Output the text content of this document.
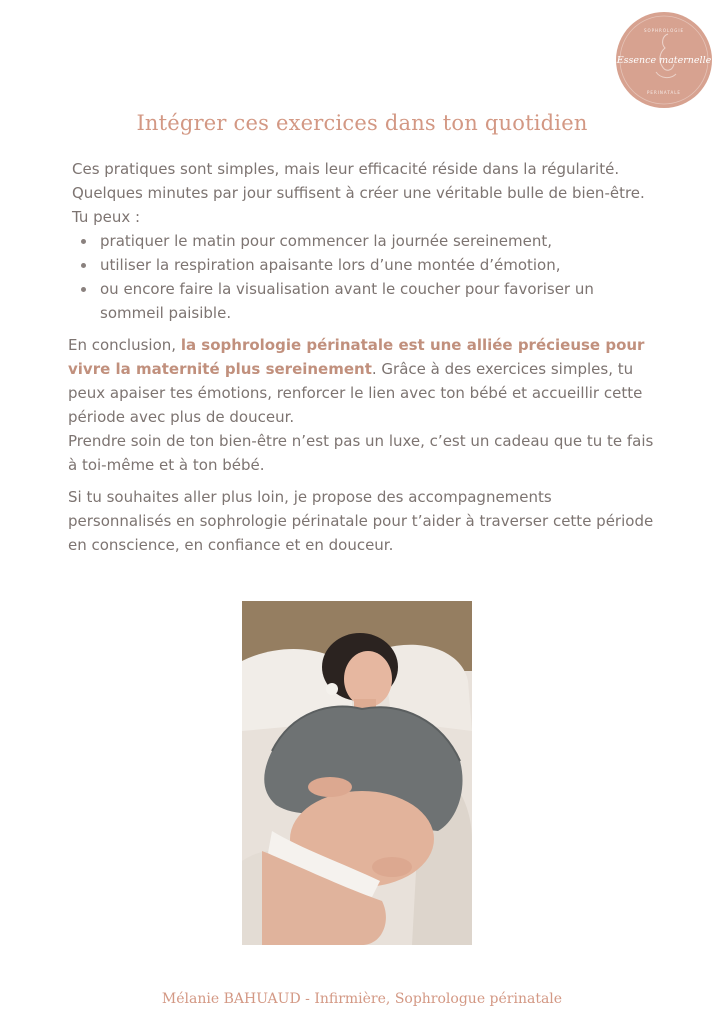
Essence maternelle
SOPHROLOGIE
PERINATALE
Intégrer ces exercices dans ton quotidien

Ces pratiques sont simples, mais leur efficacité réside dans la régularité. Quelques minutes par jour suffisent à créer une véritable bulle de bien-être. Tu peux :

pratiquer le matin pour commencer la journée sereinement,
utiliser la respiration apaisante lors d’une montée d’émotion,
ou encore faire la visualisation avant le coucher pour favoriser un sommeil paisible.

En conclusion, la sophrologie périnatale est une alliée précieuse pour vivre la maternité plus sereinement. Grâce à des exercices simples, tu peux apaiser tes émotions, renforcer le lien avec ton bébé et accueillir cette période avec plus de douceur.

Prendre soin de ton bien-être n’est pas un luxe, c’est un cadeau que tu te fais à toi-même et à ton bébé.

Si tu souhaites aller plus loin, je propose des accompagnements personnalisés en sophrologie périnatale pour t’aider à traverser cette période en conscience, en confiance et en douceur.

Mélanie BAHUAUD - Infirmière, Sophrologue périnatale
